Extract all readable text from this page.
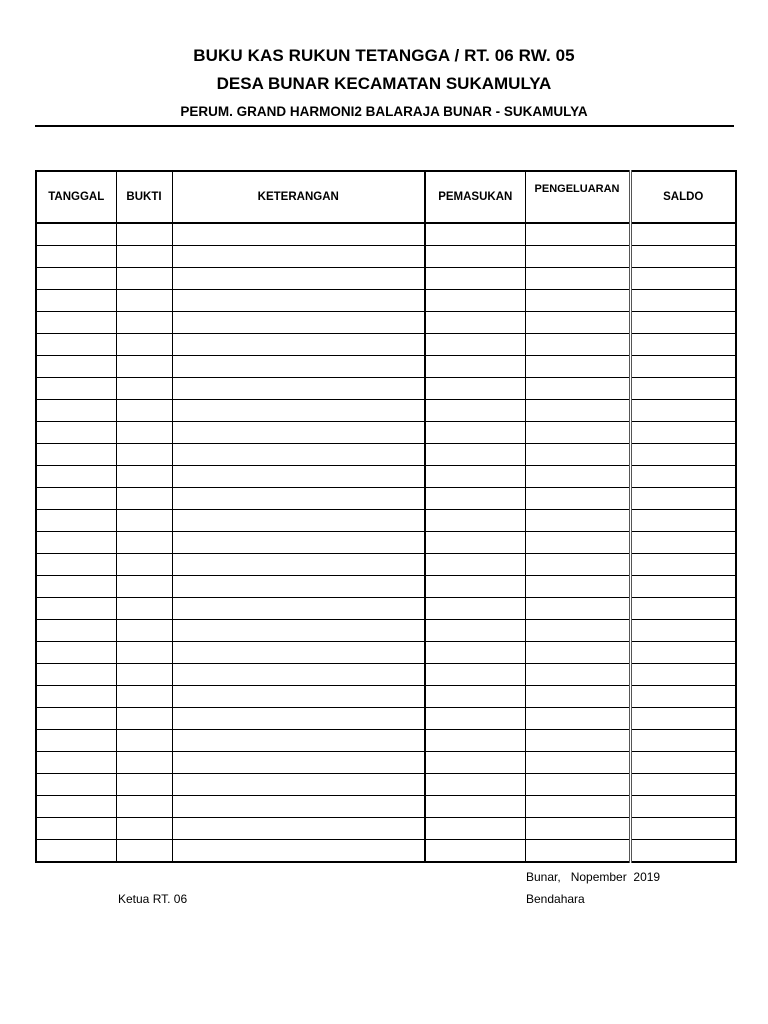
BUKU KAS RUKUN TETANGGA / RT. 06 RW. 05
DESA BUNAR KECAMATAN SUKAMULYA
PERUM. GRAND HARMONI2 BALARAJA BUNAR - SUKAMULYA
TANGGAL	BUKTI	KETERANGAN	PEMASUKAN	PENGELUARAN	SALDO

Bunar,   Nopember  2019
Ketua RT. 06	Bendahara
